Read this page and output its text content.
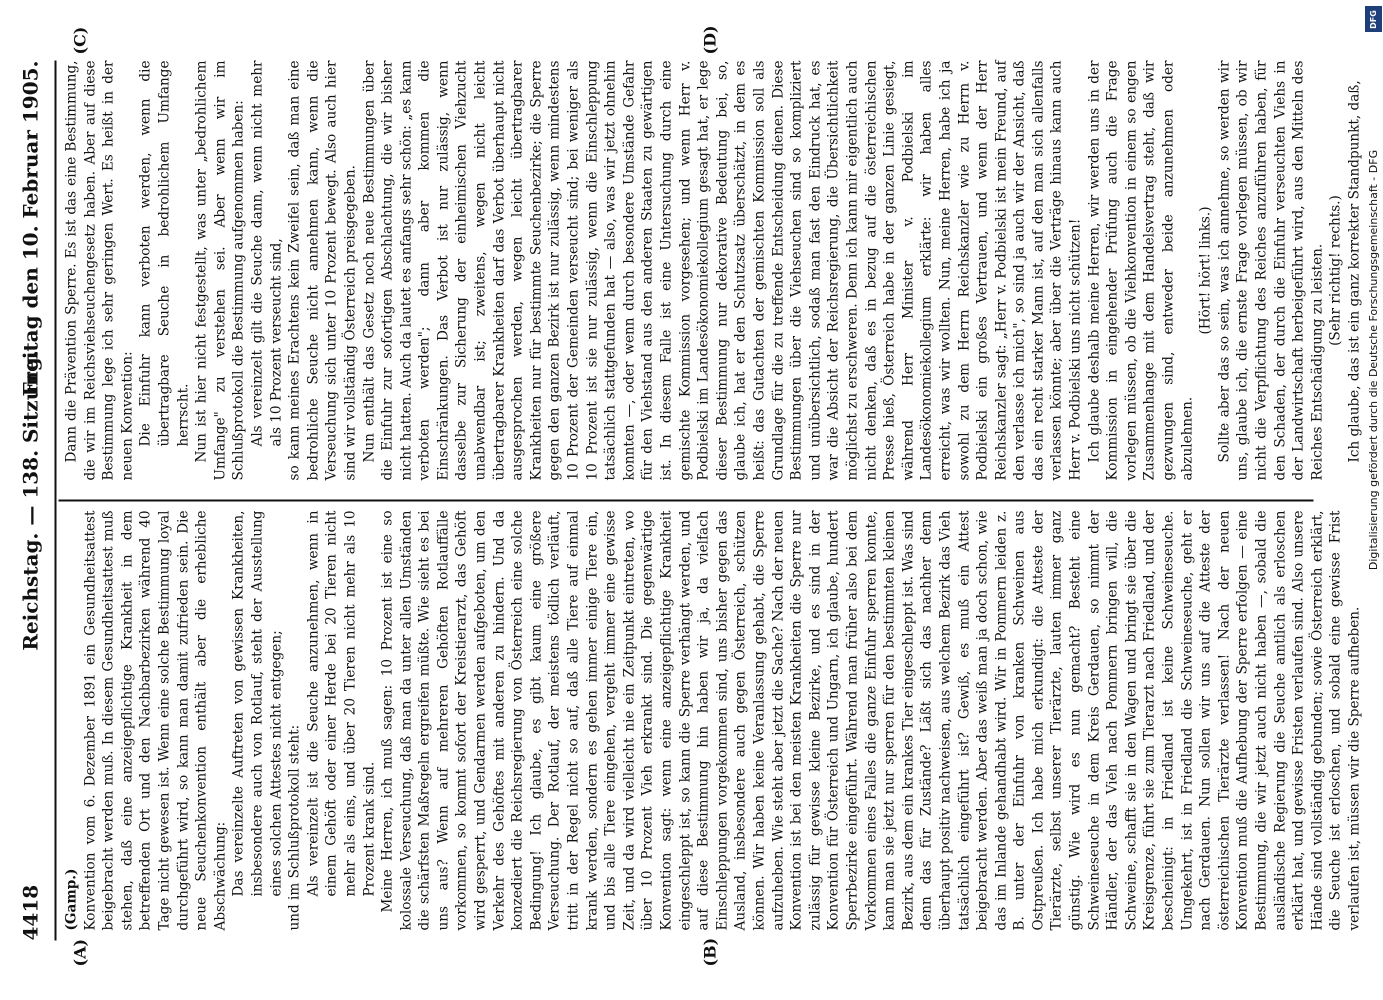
4418
Reichstag. — 138. Sitzung.
Freitag den 10. Februar 1905.
(A)	(B)
(C)	(D)

(Gamp.) Konvention vom 6. Dezember 1891 ein Gesundheitsattest beigebracht werden muß. In diesem Gesundheitsattest muß stehen, daß eine anzeigepflichtige Krankheit in dem betreffenden Ort und den Nachbarbezirken während 40 Tage nicht gewesen ist. Wenn eine solche Bestimmung loyal durchgeführt wird, so kann man damit zufrieden sein. Die neue Seuchenkonvention enthält aber die erhebliche Abschwächung: Das vereinzelte Auftreten von gewissen Krankheiten, insbesondere auch von Rotlauf, steht der Ausstellung eines solchen Attestes nicht entgegen; und im Schlußprotokoll steht: Als vereinzelt ist die Seuche anzunehmen, wenn in einem Gehöft oder einer Herde bei 20 Tieren nicht mehr als eins, und über 20 Tieren nicht mehr als 10 Prozent krank sind. Meine Herren, ich muß sagen: 10 Prozent ist eine so kolossale Verseuchung, daß man da unter allen Umständen die schärfsten Maßregeln ergreifen müßte. Wie sieht es bei uns aus? Wenn auf mehreren Gehöften Rotlauffälle vorkommen, so kommt sofort der Kreistierarzt, das Gehöft wird gesperrt, und Gendarmen werden aufgeboten, um den Verkehr des Gehöftes mit anderen zu hindern. Und da konzediert die Reichsregierung von Österreich eine solche Bedingung! Ich glaube, es gibt kaum eine größere Verseuchung. Der Rotlauf, der meistens tödlich verläuft, tritt in der Regel nicht so auf, daß alle Tiere auf einmal krank werden, sondern es gehen immer einige Tiere ein, und bis alle Tiere eingehen, vergeht immer eine gewisse Zeit, und da wird vielleicht nie ein Zeitpunkt eintreten, wo über 10 Prozent Vieh erkrankt sind. Die gegenwärtige Konvention sagt: wenn eine anzeigepflichtige Krankheit eingeschleppt ist, so kann die Sperre verhängt werden, und auf diese Bestimmung hin haben wir ja, da vielfach Einschleppungen vorgekommen sind, uns bisher gegen das Ausland, insbesondere auch gegen Österreich, schützen können. Wir haben keine Veranlassung gehabt, die Sperre aufzuheben. Wie steht aber jetzt die Sache? Nach der neuen Konvention ist bei den meisten Krankheiten die Sperre nur zulässig für gewisse kleine Bezirke, und es sind in der Konvention für Österreich und Ungarn, ich glaube, hundert Sperrbezirke eingeführt. Während man früher also bei dem Vorkommen eines Falles die ganze Einfuhr sperren konnte, kann man sie jetzt nur sperren für den bestimmten kleinen Bezirk, aus dem ein krankes Tier eingeschleppt ist. Was sind denn das für Zustände? Läßt sich das nachher denn überhaupt positiv nachweisen, aus welchem Bezirk das Vieh tatsächlich eingeführt ist? Gewiß, es muß ein Attest beigebracht werden. Aber das weiß man ja doch schon, wie das im Inlande gehandhabt wird. Wir in Pommern leiden z. B. unter der Einfuhr von kranken Schweinen aus Ostpreußen. Ich habe mich erkundigt: die Atteste der Tierärzte, selbst unserer Tierärzte, lauten immer ganz günstig. Wie wird es nun gemacht? Besteht eine Schweineseuche in dem Kreis Gerdauen, so nimmt der Händler, der das Vieh nach Pommern bringen will, die Schweine, schafft sie in den Wagen und bringt sie über die Kreisgrenze, führt sie zum Tierarzt nach Friedland, und der bescheinigt: in Friedland ist keine Schweineseuche. Umgekehrt, ist in Friedland die Schweineseuche, geht er nach Gerdauen. Nun sollen wir uns auf die Atteste der österreichischen Tierärzte verlassen! Nach der neuen Konvention muß die Aufhebung der Sperre erfolgen — eine Bestimmung, die wir jetzt auch nicht haben —, sobald die ausländische Regierung die Seuche amtlich als erloschen erklärt hat, und gewisse Fristen verlaufen sind. Also unsere Hände sind vollständig gebunden; sowie Österreich erklärt, die Seuche ist erloschen, und sobald eine gewisse Frist verlaufen ist, müssen wir die Sperre aufheben.

Dann die Prävention Sperre. Es ist das eine Bestimmung, die wir im Reichsviehseuchengesetz haben. Aber auf diese Bestimmung lege ich sehr geringen Wert. Es heißt in der neuen Konvention: Die Einfuhr kann verboten werden, wenn die übertragbare Seuche in bedrohlichem Umfange herrscht. Nun ist hier nicht festgestellt, was unter „bedrohlichem Umfange" zu verstehen sei. Aber wenn wir im Schlußprotokoll die Bestimmung aufgenommen haben: Als vereinzelt gilt die Seuche dann, wenn nicht mehr als 10 Prozent verseucht sind, so kann meines Erachtens kein Zweifel sein, daß man eine bedrohliche Seuche nicht annehmen kann, wenn die Verseuchung sich unter 10 Prozent bewegt. Also auch hier sind wir vollständig Österreich preisgegeben. Nun enthält das Gesetz noch neue Bestimmungen über die Einfuhr zur sofortigen Abschlachtung, die wir bisher nicht hatten. Auch da lautet es anfangs sehr schön: „es kann verboten werden"; dann aber kommen die Einschränkungen. Das Verbot ist nur zulässig, wenn dasselbe zur Sicherung der einheimischen Viehzucht unabwendbar ist; zweitens, wegen nicht leicht übertragbarer Krankheiten darf das Verbot überhaupt nicht ausgesprochen werden, wegen leicht übertragbarer Krankheiten nur für bestimmte Seuchenbezirke; die Sperre gegen den ganzen Bezirk ist nur zulässig, wenn mindestens 10 Prozent der Gemeinden verseucht sind; bei weniger als 10 Prozent ist sie nur zulässig, wenn die Einschleppung tatsächlich stattgefunden hat — also, was wir jetzt ohnehin konnten —, oder wenn durch besondere Umstände Gefahr für den Viehstand aus den anderen Staaten zu gewärtigen ist. In diesem Falle ist eine Untersuchung durch eine gemischte Kommission vorgesehen; und wenn Herr v. Podbielski im Landesökonomiekollegium gesagt hat, er lege dieser Bestimmung nur dekorative Bedeutung bei, so, glaube ich, hat er den Schutzsatz überschätzt, in dem es heißt: das Gutachten der gemischten Kommission soll als Grundlage für die zu treffende Entscheidung dienen. Diese Bestimmungen über die Viehseuchen sind so kompliziert und unübersichtlich, sodaß man fast den Eindruck hat, es war die Absicht der Reichsregierung, die Übersichtlichkeit möglichst zu erschweren. Denn ich kann mir eigentlich auch nicht denken, daß es in bezug auf die österreichischen Presse hieß, Österreich habe in der ganzen Linie gesiegt, während Herr Minister v. Podbielski im Landesökonomiekollegium erklärte: wir haben alles erreicht, was wir wollten. Nun, meine Herren, habe ich ja sowohl zu dem Herrn Reichskanzler wie zu Herrn v. Podbielski ein großes Vertrauen, und wenn der Herr Reichskanzler sagt: „Herr v. Podbielski ist mein Freund, auf den verlasse ich mich", so sind ja auch wir der Ansicht, daß das ein recht starker Mann ist, auf den man sich allenfalls verlassen könnte; aber über die Verträge hinaus kann auch Herr v. Podbielski uns nicht schützen! Ich glaube deshalb meine Herren, wir werden uns in der Kommission in eingehender Prüfung auch die Frage vorlegen müssen, ob die Viehkonvention in einem so engen Zusammenhange mit dem Handelsvertrag steht, daß wir gezwungen sind, entweder beide anzunehmen oder abzulehnen.

(Hört! hört! links.) Sollte aber das so sein, was ich annehme, so werden wir uns, glaube ich, die ernste Frage vorlegen müssen, ob wir nicht die Verpflichtung des Reiches anzuführen haben, für den Schaden, der durch die Einfuhr verseuchten Viehs in der Landwirtschaft herbeigeführt wird, aus den Mitteln des Reiches Entschädigung zu leisten. (Sehr richtig! rechts.) Ich glaube, das ist ein ganz korrekter Standpunkt, daß,

DFG
Digitalisierung gefördert durch die Deutsche Forschungsgemeinschaft - DFG
